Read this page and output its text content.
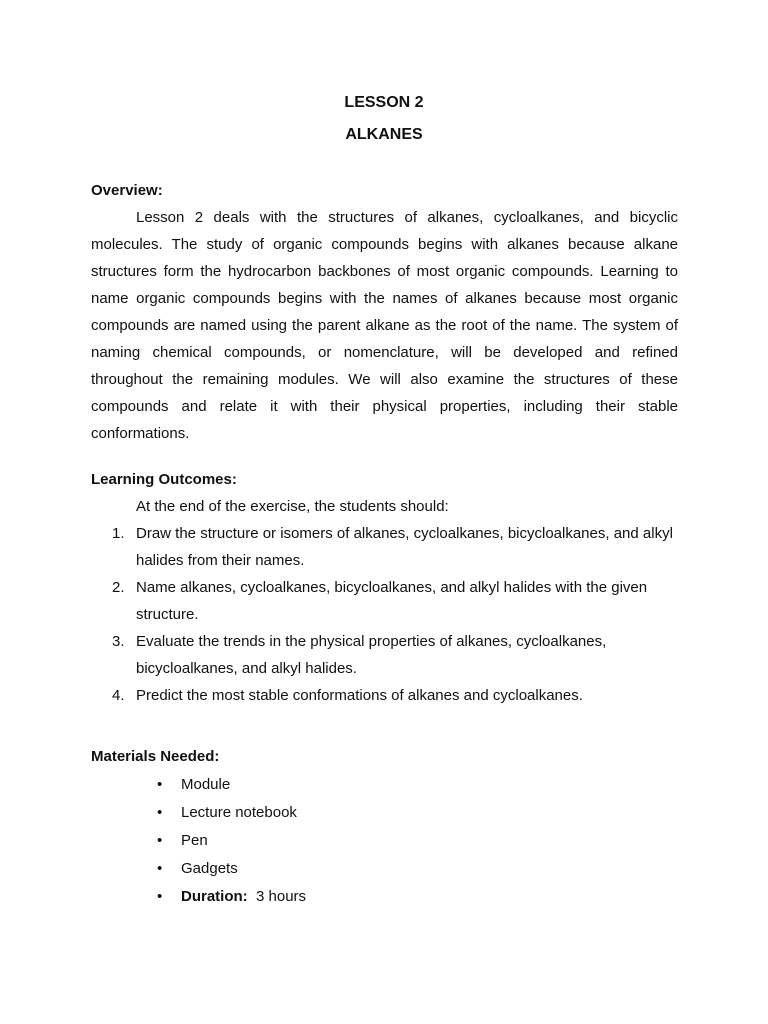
LESSON 2
ALKANES
Overview:

Lesson 2 deals with the structures of alkanes, cycloalkanes, and bicyclic molecules. The study of organic compounds begins with alkanes because alkane structures form the hydrocarbon backbones of most organic compounds. Learning to name organic compounds begins with the names of alkanes because most organic compounds are named using the parent alkane as the root of the name. The system of naming chemical compounds, or nomenclature, will be developed and refined throughout the remaining modules. We will also examine the structures of these compounds and relate it with their physical properties, including their stable conformations.

Learning Outcomes:
At the end of the exercise, the students should:
1. Draw the structure or isomers of alkanes, cycloalkanes, bicycloalkanes, and alkyl halides from their names.
2. Name alkanes, cycloalkanes, bicycloalkanes, and alkyl halides with the given structure.
3. Evaluate the trends in the physical properties of alkanes, cycloalkanes, bicycloalkanes, and alkyl halides.
4. Predict the most stable conformations of alkanes and cycloalkanes.
Materials Needed:
• Module
• Lecture notebook
• Pen
• Gadgets
• Duration: 3 hours
